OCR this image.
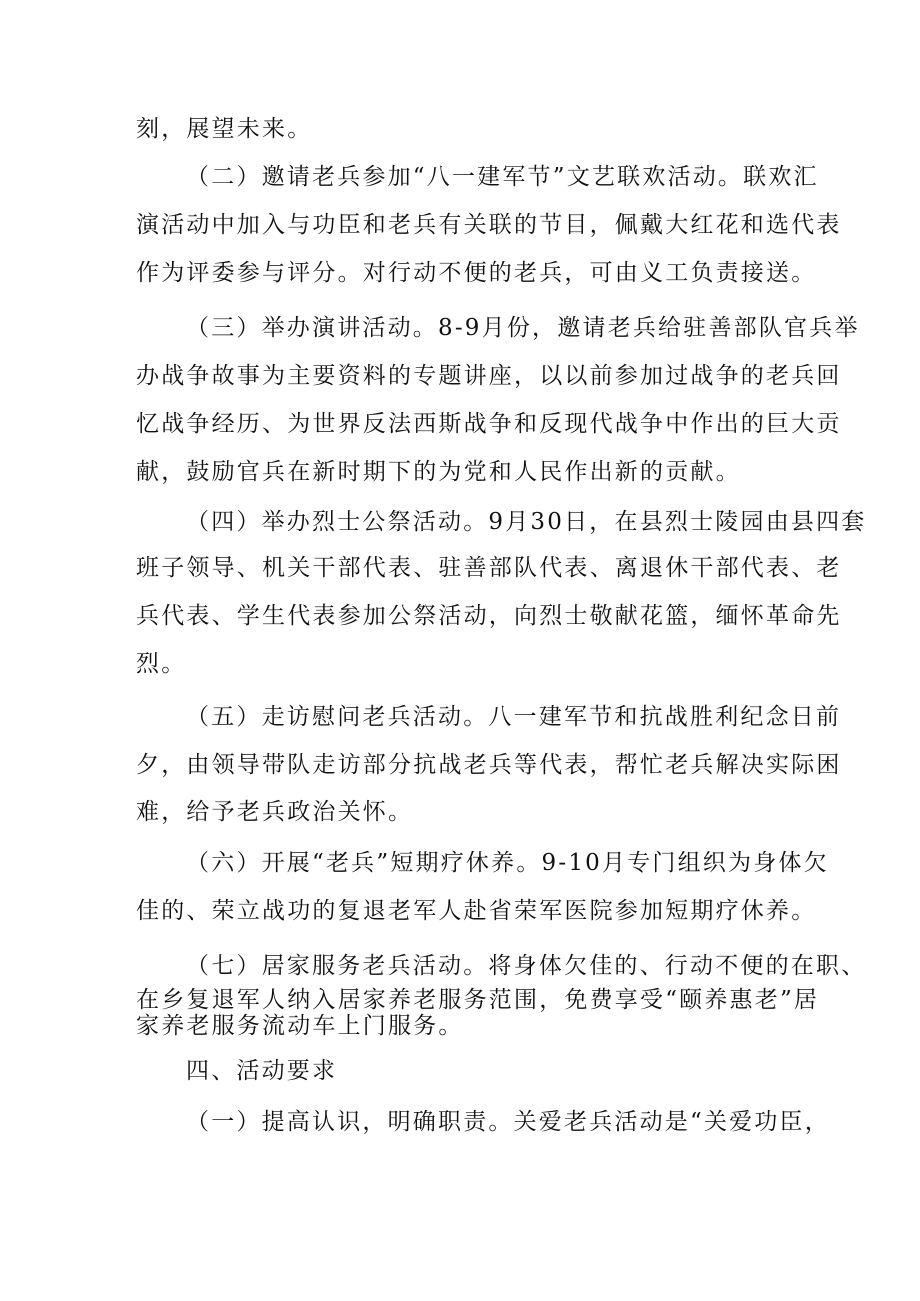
刻，展望未来。
（二）邀请老兵参加“八一建军节”文艺联欢活动。联欢汇
演活动中加入与功臣和老兵有关联的节目，佩戴大红花和选代表
作为评委参与评分。对行动不便的老兵，可由义工负责接送。
（三）举办演讲活动。8-9月份，邀请老兵给驻善部队官兵举
办战争故事为主要资料的专题讲座，以以前参加过战争的老兵回
忆战争经历、为世界反法西斯战争和反现代战争中作出的巨大贡
献，鼓励官兵在新时期下的为党和人民作出新的贡献。
（四）举办烈士公祭活动。9月30日，在县烈士陵园由县四套
班子领导、机关干部代表、驻善部队代表、离退休干部代表、老
兵代表、学生代表参加公祭活动，向烈士敬献花篮，缅怀革命先
烈。
（五）走访慰问老兵活动。八一建军节和抗战胜利纪念日前
夕，由领导带队走访部分抗战老兵等代表，帮忙老兵解决实际困
难，给予老兵政治关怀。
（六）开展“老兵”短期疗休养。9-10月专门组织为身体欠
佳的、荣立战功的复退老军人赴省荣军医院参加短期疗休养。
（七）居家服务老兵活动。将身体欠佳的、行动不便的在职、
在乡复退军人纳入居家养老服务范围，免费享受“颐养惠老”居
家养老服务流动车上门服务。
四、活动要求
（一）提高认识，明确职责。关爱老兵活动是“关爱功臣，
